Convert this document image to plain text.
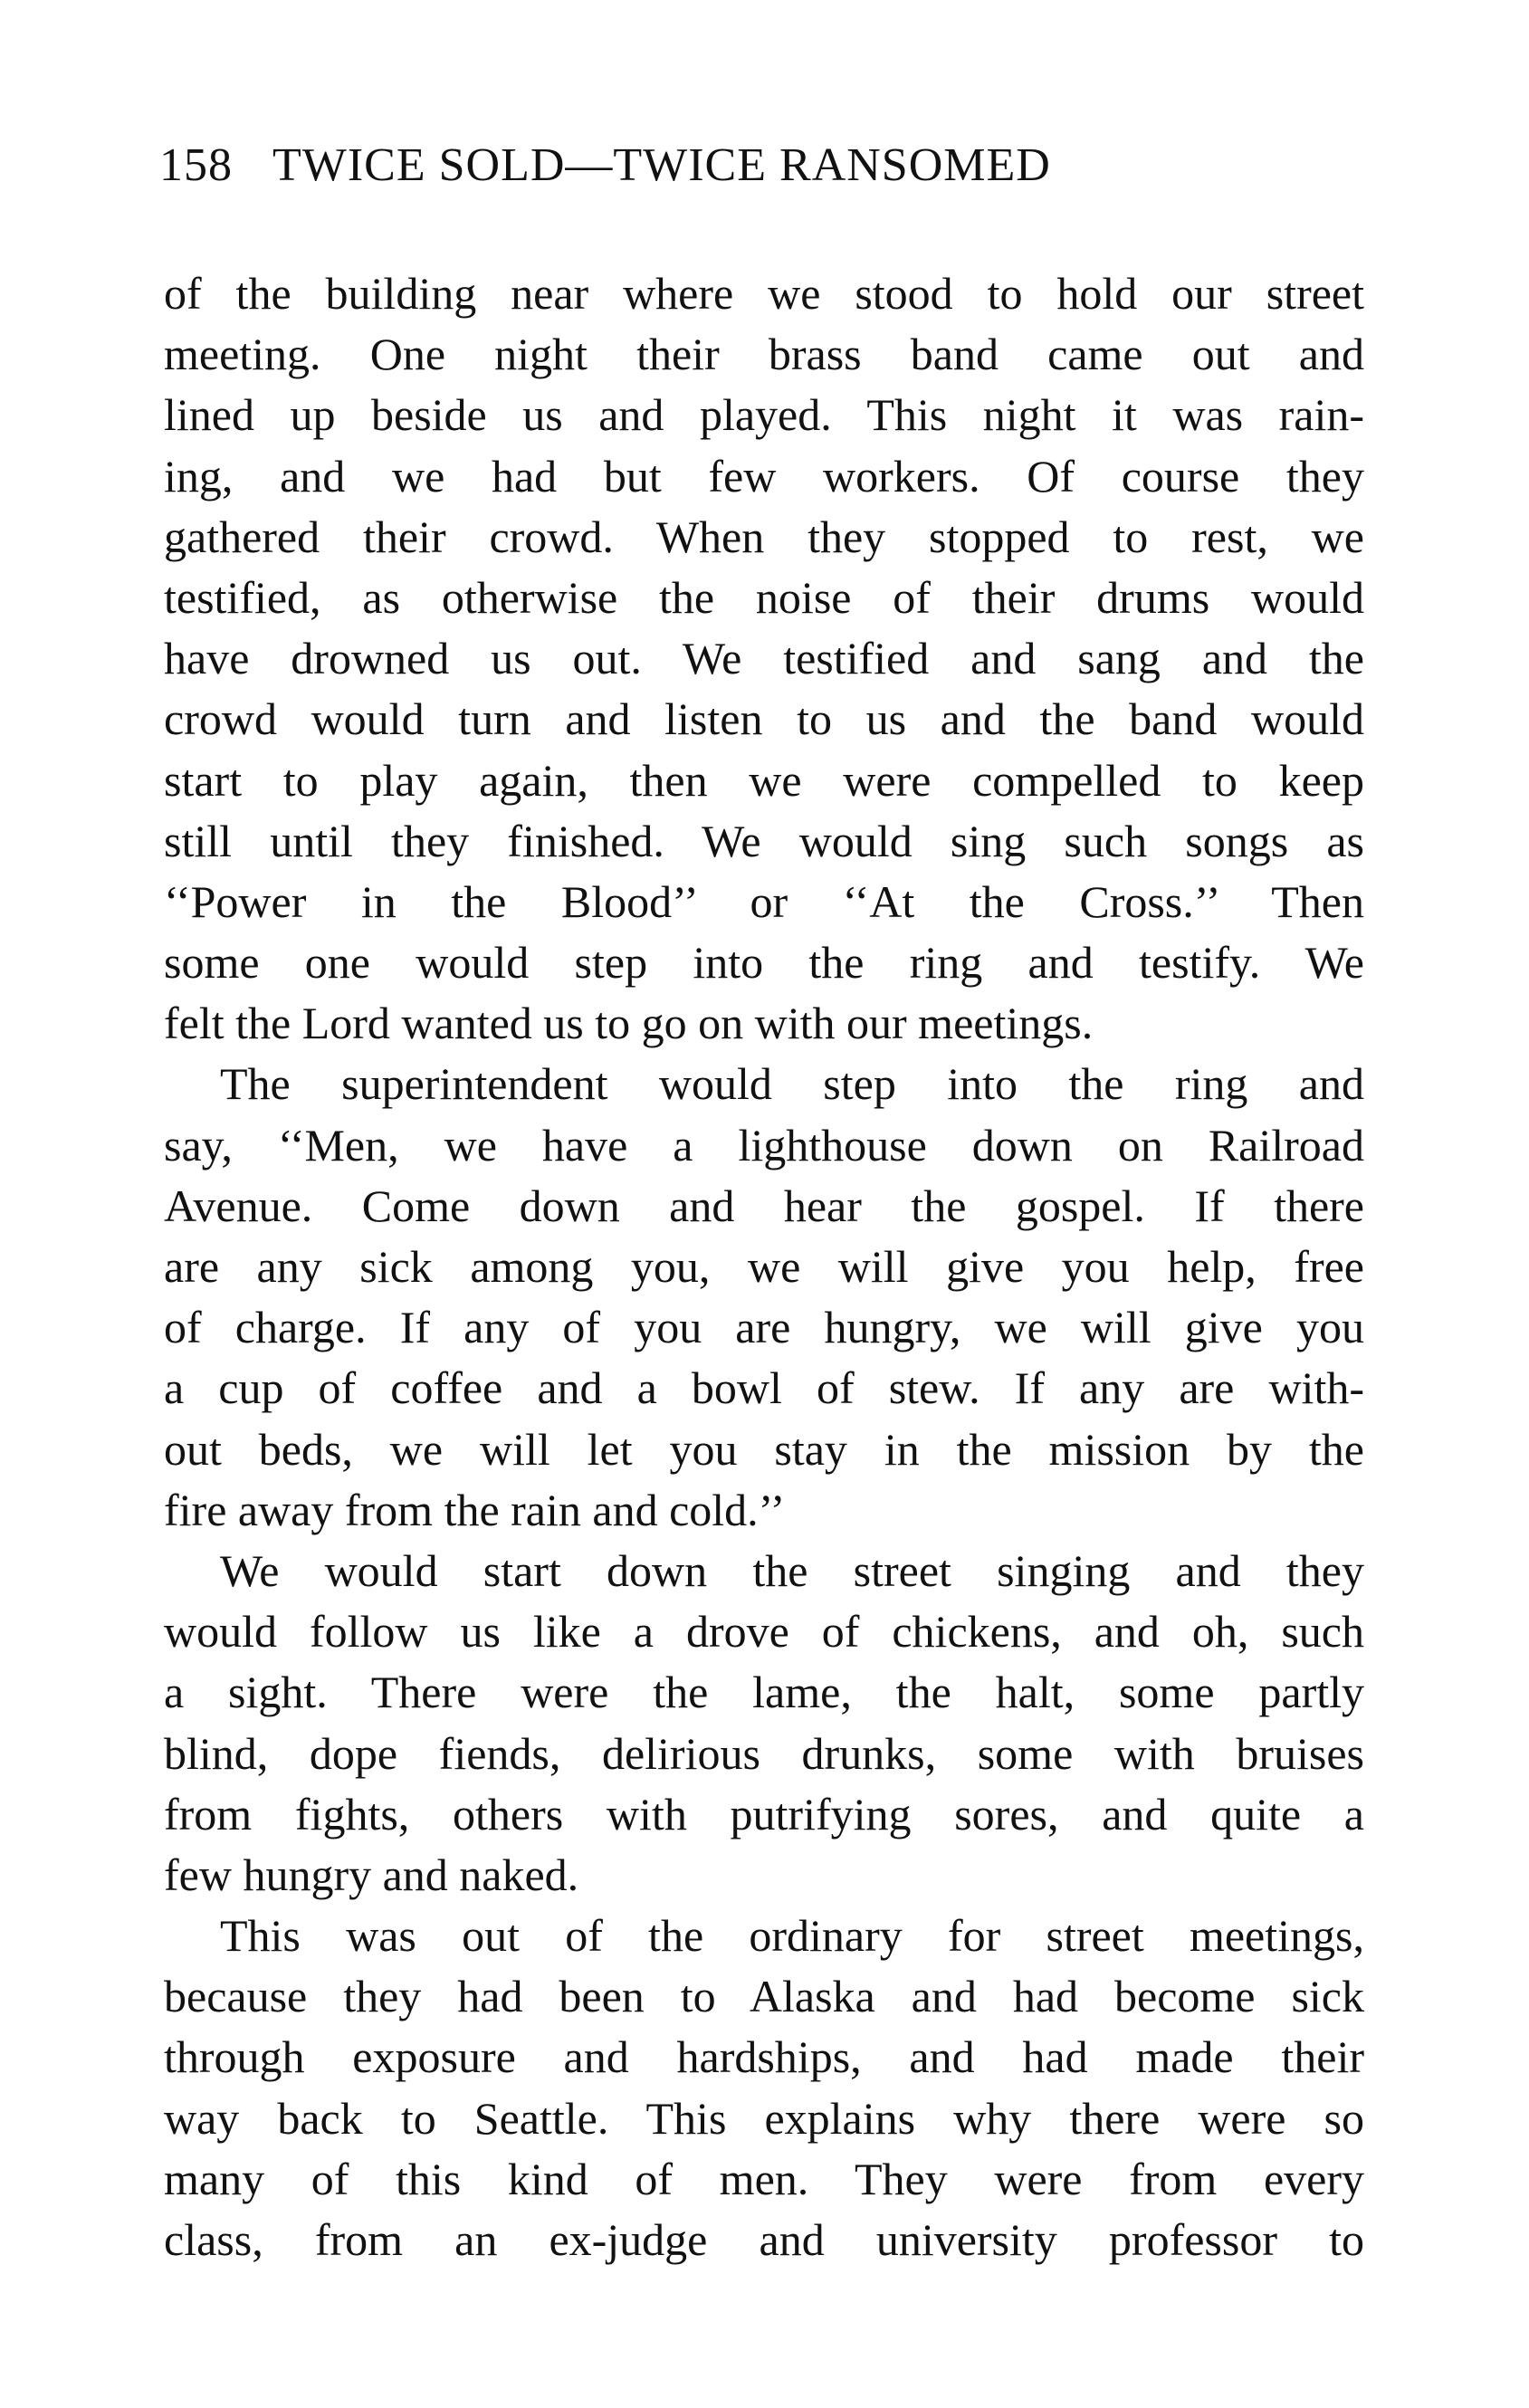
158 TWICE SOLD—TWICE RANSOMED
of the building near where we stood to hold our street
meeting. One night their brass band came out and
lined up beside us and played. This night it was rain-
ing, and we had but few workers. Of course they
gathered their crowd. When they stopped to rest, we
testified, as otherwise the noise of their drums would
have drowned us out. We testified and sang and the
crowd would turn and listen to us and the band would
start to play again, then we were compelled to keep
still until they finished. We would sing such songs as
‘‘Power in the Blood’’ or ‘‘At the Cross.’’ Then
some one would step into the ring and testify. We
felt the Lord wanted us to go on with our meetings.
The superintendent would step into the ring and
say, ‘‘Men, we have a lighthouse down on Railroad
Avenue. Come down and hear the gospel. If there
are any sick among you, we will give you help, free
of charge. If any of you are hungry, we will give you
a cup of coffee and a bowl of stew. If any are with-
out beds, we will let you stay in the mission by the
fire away from the rain and cold.’’
We would start down the street singing and they
would follow us like a drove of chickens, and oh, such
a sight. There were the lame, the halt, some partly
blind, dope fiends, delirious drunks, some with bruises
from fights, others with putrifying sores, and quite a
few hungry and naked.
This was out of the ordinary for street meetings,
because they had been to Alaska and had become sick
through exposure and hardships, and had made their
way back to Seattle. This explains why there were so
many of this kind of men. They were from every
class, from an ex-judge and university professor to
